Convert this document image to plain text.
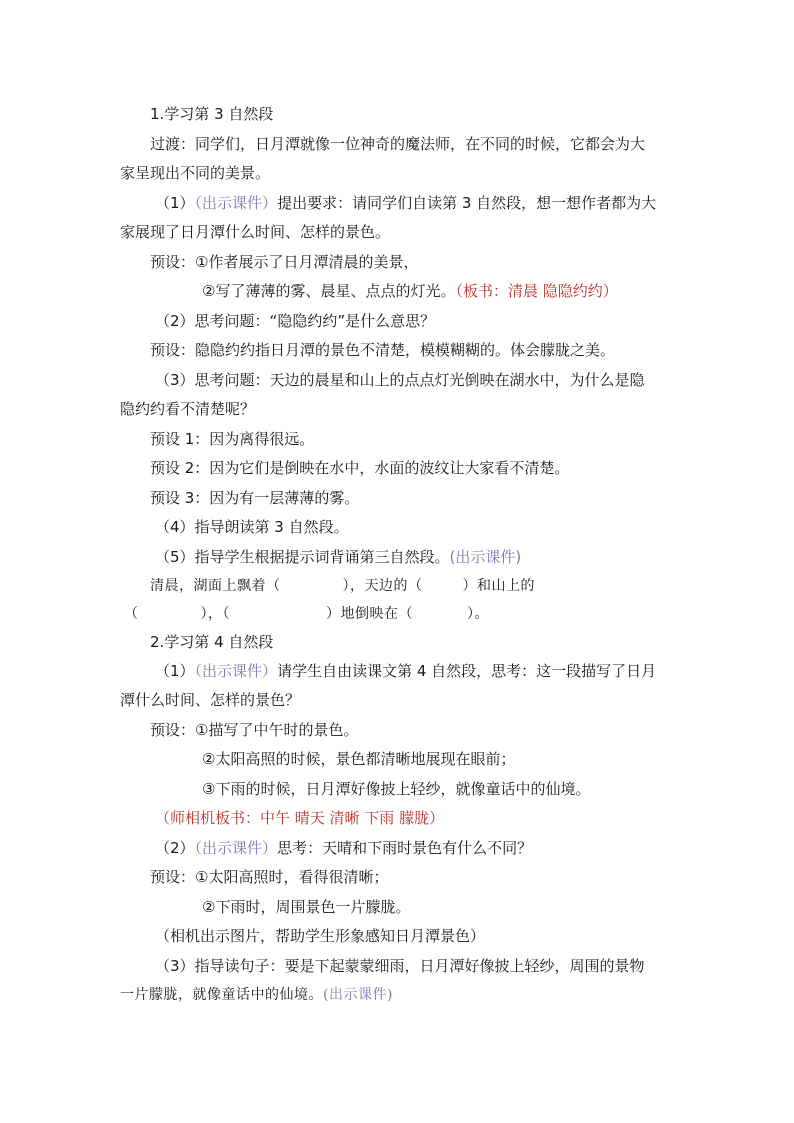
1.学习第 3 自然段
过渡：同学们，日月潭就像一位神奇的魔法师，在不同的时候，它都会为大
家呈现出不同的美景。
（1）（出示课件）提出要求：请同学们自读第 3 自然段，想一想作者都为大
家展现了日月潭什么时间、怎样的景色。
预设：①作者展示了日月潭清晨的美景，
②写了薄薄的雾、晨星、点点的灯光。（板书：清晨 隐隐约约）
（2）思考问题：“隐隐约约”是什么意思？
预设：隐隐约约指日月潭的景色不清楚，模模糊糊的。体会朦胧之美。
（3）思考问题：天边的晨星和山上的点点灯光倒映在湖水中，为什么是隐
隐约约看不清楚呢？
预设 1：因为离得很远。
预设 2：因为它们是倒映在水中，水面的波纹让大家看不清楚。
预设 3：因为有一层薄薄的雾。
（4）指导朗读第 3 自然段。
（5）指导学生根据提示词背诵第三自然段。(出示课件)
清晨，湖面上飘着（	），天边的（	）和山上的
（	），（	）地倒映在（	）。
2.学习第 4 自然段
（1）（出示课件）请学生自由读课文第 4 自然段，思考：这一段描写了日月
潭什么时间、怎样的景色？
预设：①描写了中午时的景色。
②太阳高照的时候，景色都清晰地展现在眼前；
③下雨的时候，日月潭好像披上轻纱，就像童话中的仙境。
（师相机板书：中午 晴天 清晰 下雨 朦胧）
（2）（出示课件）思考：天晴和下雨时景色有什么不同？
预设：①太阳高照时，看得很清晰；
②下雨时，周围景色一片朦胧。
（相机出示图片，帮助学生形象感知日月潭景色）
（3）指导读句子：要是下起蒙蒙细雨，日月潭好像披上轻纱，周围的景物
一片朦胧，就像童话中的仙境。(出示课件)
